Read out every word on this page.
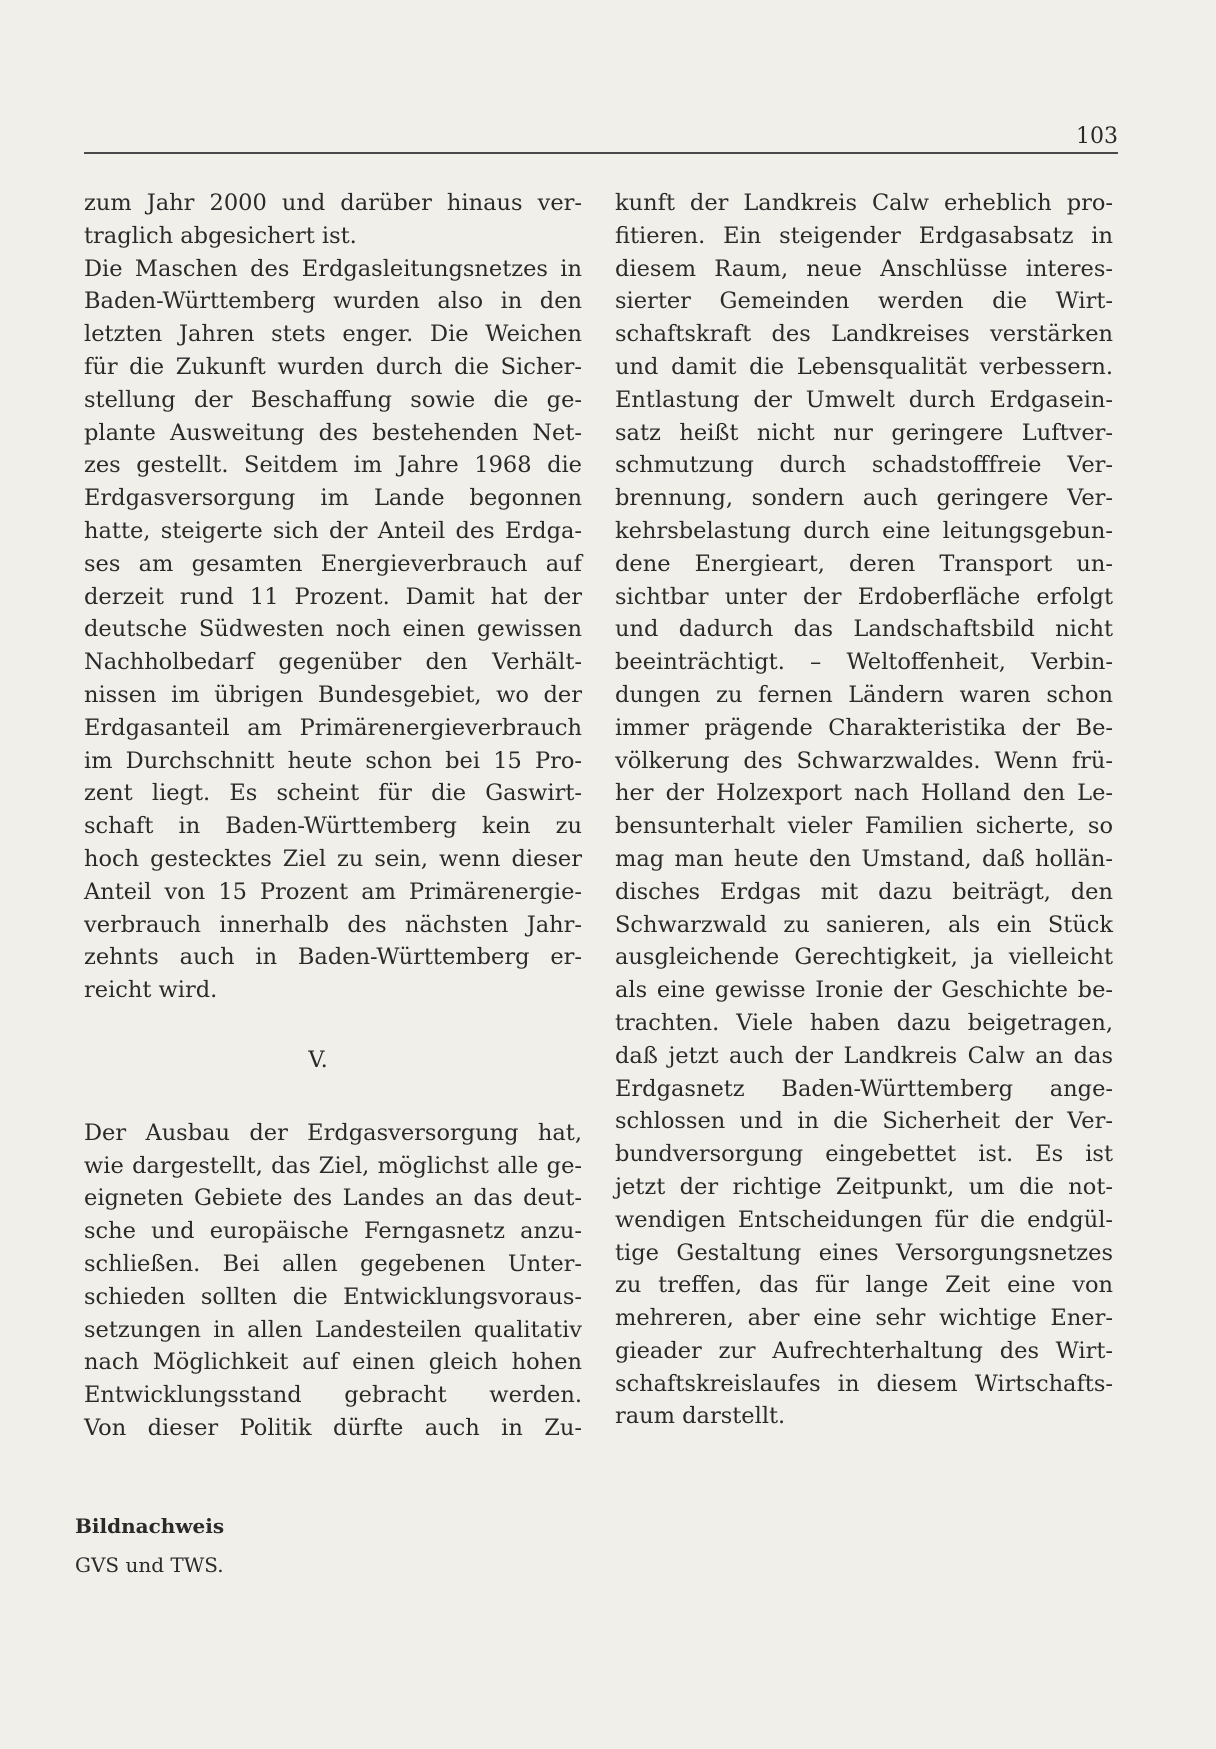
103
zum Jahr 2000 und darüber hinaus ver-
traglich abgesichert ist.
Die Maschen des Erdgasleitungsnetzes in
Baden-Württemberg wurden also in den
letzten Jahren stets enger. Die Weichen
für die Zukunft wurden durch die Sicher-
stellung der Beschaffung sowie die ge-
plante Ausweitung des bestehenden Net-
zes gestellt. Seitdem im Jahre 1968 die
Erdgasversorgung im Lande begonnen
hatte, steigerte sich der Anteil des Erdga-
ses am gesamten Energieverbrauch auf
derzeit rund 11 Prozent. Damit hat der
deutsche Südwesten noch einen gewissen
Nachholbedarf gegenüber den Verhält-
nissen im übrigen Bundesgebiet, wo der
Erdgasanteil am Primärenergieverbrauch
im Durchschnitt heute schon bei 15 Pro-
zent liegt. Es scheint für die Gaswirt-
schaft in Baden-Württemberg kein zu
hoch gestecktes Ziel zu sein, wenn dieser
Anteil von 15 Prozent am Primärenergie-
verbrauch innerhalb des nächsten Jahr-
zehnts auch in Baden-Württemberg er-
reicht wird.
V.
Der Ausbau der Erdgasversorgung hat,
wie dargestellt, das Ziel, möglichst alle ge-
eigneten Gebiete des Landes an das deut-
sche und europäische Ferngasnetz anzu-
schließen. Bei allen gegebenen Unter-
schieden sollten die Entwicklungsvoraus-
setzungen in allen Landesteilen qualitativ
nach Möglichkeit auf einen gleich hohen
Entwicklungsstand gebracht werden.
Von dieser Politik dürfte auch in Zu-
kunft der Landkreis Calw erheblich pro-
fitieren. Ein steigender Erdgasabsatz in
diesem Raum, neue Anschlüsse interes-
sierter Gemeinden werden die Wirt-
schaftskraft des Landkreises verstärken
und damit die Lebensqualität verbessern.
Entlastung der Umwelt durch Erdgasein-
satz heißt nicht nur geringere Luftver-
schmutzung durch schadstofffreie Ver-
brennung, sondern auch geringere Ver-
kehrsbelastung durch eine leitungsgebun-
dene Energieart, deren Transport un-
sichtbar unter der Erdoberfläche erfolgt
und dadurch das Landschaftsbild nicht
beeinträchtigt. – Weltoffenheit, Verbin-
dungen zu fernen Ländern waren schon
immer prägende Charakteristika der Be-
völkerung des Schwarzwaldes. Wenn frü-
her der Holzexport nach Holland den Le-
bensunterhalt vieler Familien sicherte, so
mag man heute den Umstand, daß hollän-
disches Erdgas mit dazu beiträgt, den
Schwarzwald zu sanieren, als ein Stück
ausgleichende Gerechtigkeit, ja vielleicht
als eine gewisse Ironie der Geschichte be-
trachten. Viele haben dazu beigetragen,
daß jetzt auch der Landkreis Calw an das
Erdgasnetz Baden-Württemberg ange-
schlossen und in die Sicherheit der Ver-
bundversorgung eingebettet ist. Es ist
jetzt der richtige Zeitpunkt, um die not-
wendigen Entscheidungen für die endgül-
tige Gestaltung eines Versorgungsnetzes
zu treffen, das für lange Zeit eine von
mehreren, aber eine sehr wichtige Ener-
gieader zur Aufrechterhaltung des Wirt-
schaftskreislaufes in diesem Wirtschafts-
raum darstellt.
Bildnachweis
GVS und TWS.
